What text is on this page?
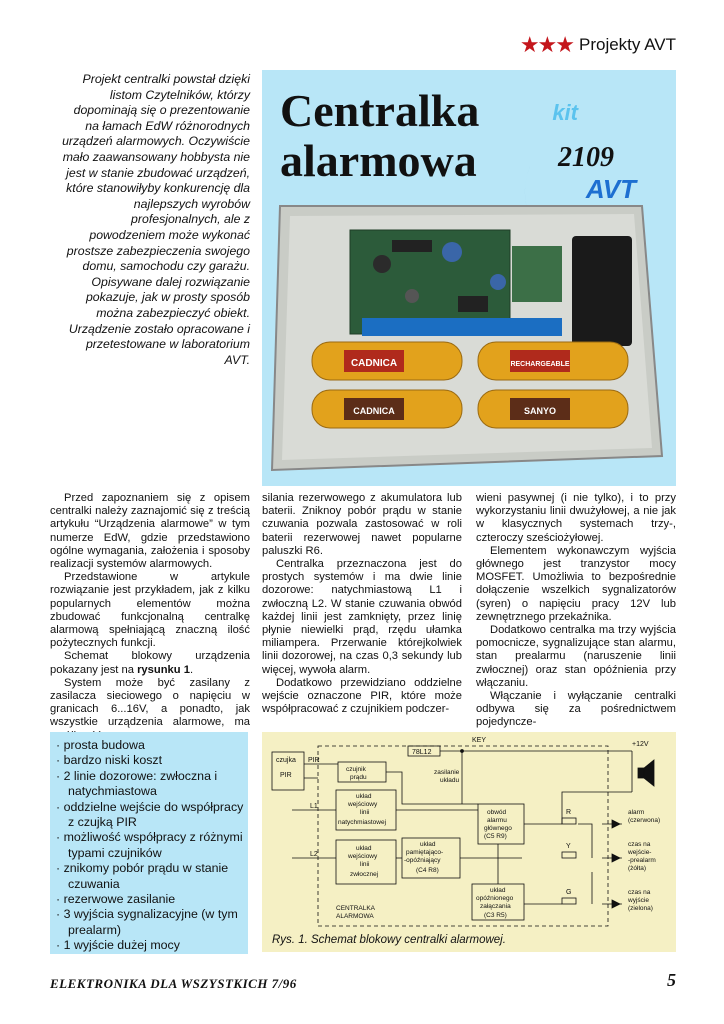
★★★ Projekty AVT
Projekt centralki powstał dzięki listom Czytelników, którzy dopominają się o prezentowanie na łamach EdW różnorodnych urządzeń alarmowych. Oczywiście mało zaawansowany hobbysta nie jest w stanie zbudować urządzeń, które stanowiłyby konkurencję dla najlepszych wyrobów profesjonalnych, ale z powodzeniem może wykonać prostsze zabezpieczenia swojego domu, samochodu czy garażu. Opisywane dalej rozwiązanie pokazuje, jak w prosty sposób można zabezpieczyć obiekt. Urządzenie zostało opracowane i przetestowane w laboratorium AVT.
Centralka
alarmowa
kit
2109
AVT
CADNICA	RECHARGEABLE
CADNICA	SANYO

Przed zapoznaniem się z opisem centralki należy zaznajomić się z treścią artykułu “Urządzenia alarmowe” w tym numerze EdW, gdzie przedstawiono ogólne wymagania, założenia i sposoby realizacji systemów alarmowych.

Przedstawione w artykule rozwiązanie jest przykładem, jak z kilku popularnych elementów można zbudować funkcjonalną centralkę alarmową spełniającą znaczną ilość pożytecznych funkcji.

Schemat blokowy urządzenia pokazany jest na rysunku 1.

System może być zasilany z zasilacza sieciowego o napięciu w granicach 6...16V, a ponadto, jak wszystkie urządzenia alarmowe, ma

silania rezerwowego z akumulatora lub baterii. Zniknoy pobór prądu w stanie czuwania pozwala zastosować w roli baterii rezerwowej nawet popularne paluszki R6.

Centralka przeznaczona jest do prostych systemów i ma dwie linie dozorowe: natychmiastową L1 i zwłoczną L2. W stanie czuwania obwód każdej linii jest zamknięty, przez linię płynie niewielki prąd, rzędu ułamka miliampera. Przerwanie którejkolwiek linii dozorowej, na czas 0,3 sekundy lub więcej, wywoła alarm.

Dodatkowo przewidziano oddzielne wejście oznaczone PIR, które może współpracować z czujnikiem podczer-

wieni pasywnej (i nie tylko), i to przy wykorzystaniu linii dwużyłowej, a nie jak w klasycznych systemach trzy-, czteroczy sześciożyłowej.

Elementem wykonawczym wyjścia głównego jest tranzystor mocy MOSFET. Umożliwia to bezpośrednie dołączenie wszelkich sygnalizatorów (syren) o napięciu pracy 12V lub zewnętrznego przekaźnika.

Dodatkowo centralka ma trzy wyjścia pomocnicze, sygnalizujące stan alarmu, stan prealarmu (naruszenie linii zwłocznej) oraz stan opóźnienia przy włączaniu.

Włączanie i wyłączanie centralki odbywa się za pośrednictwem pojedyncze-

· prosta budowa
· bardzo niski koszt
· 2 linie dozorowe: zwłoczna i natychmiastowa
· oddzielne wejście do współpracy z czujką PIR
· możliwość współpracy z różnymi typami czujników
· znikomy pobór prądu w stanie czuwania
· rezerwowe zasilanie
· 3 wyjścia sygnalizacyjne (w tym prealarm)
· 1 wyjście dużej mocy
czujka
PIR
PIR
78L12
KEY
+12V
czujnik
prądu
zasilanie
układu
obwód
alarmu
głównego
(C5 R9)
L1
L2
układ
wejściowy
linii
natychmiastowej
układ
wejściowy
linii
zwłocznej
układ
pamiętająco-
-opóźniający
(C4 R8)
układ
opóźnionego
załączania
(C3 R5)
R
Y
G
CENTRALKA
ALARMOWA
alarm
(czerwona)
czas na
wejście-
-prealarm
(żółta)
czas na
wyjście
(zielona)
Rys. 1. Schemat blokowy centralki alarmowej.
ELEKTRONIKA DLA WSZYSTKICH 7/96	5
